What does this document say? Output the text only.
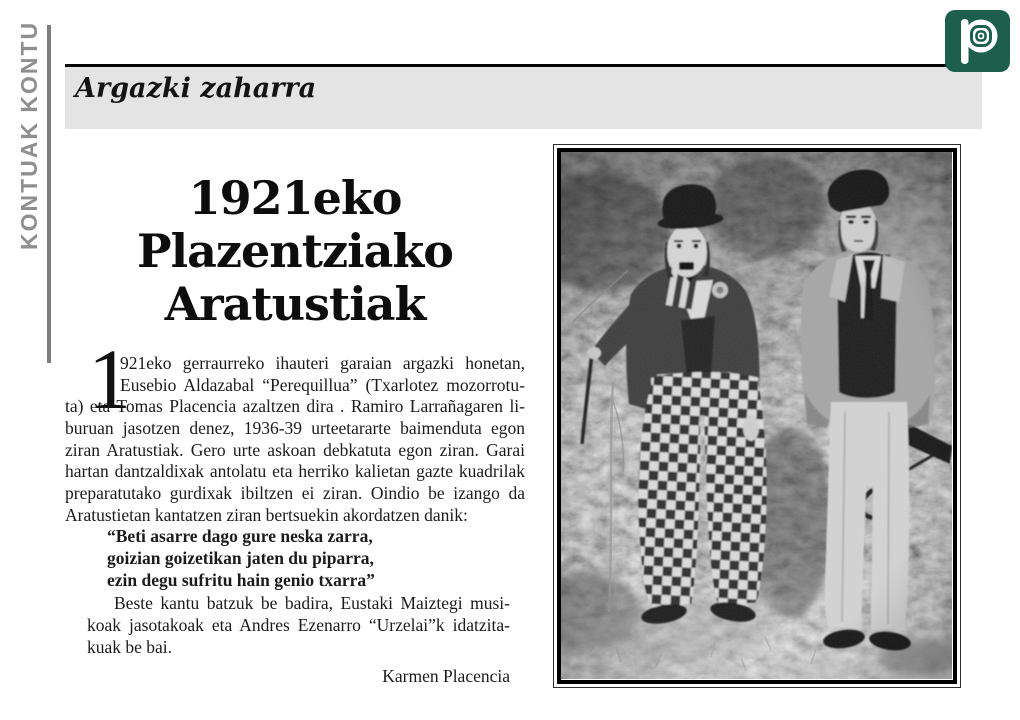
KONTUAK KONTU Argazki zaharra
1921eko
Plazentziako
Aratustiak
1
921eko gerraurreko ihauteri garaian argazki honetan,
Eusebio Aldazabal “Perequillua” (Txarlotez mozorrotu-
ta) eta Tomas Placencia azaltzen dira . Ramiro Larrañagaren li-
buruan jasotzen denez, 1936-39 urteetararte baimenduta egon
ziran Aratustiak. Gero urte askoan debkatuta egon ziran. Garai
hartan dantzaldixak antolatu eta herriko kalietan gazte kuadrilak
preparatutako gurdixak ibiltzen ei ziran. Oindio be izango da
Aratustietan kantatzen ziran bertsuekin akordatzen danik:
“Beti asarre dago gure neska zarra,
goizian goizetikan jaten du piparra,
ezin degu sufritu hain genio txarra”
Beste kantu batzuk be badira, Eustaki Maiztegi musi-
koak jasotakoak eta Andres Ezenarro “Urzelai”k idatzita-
kuak be bai.
Karmen Placencia
